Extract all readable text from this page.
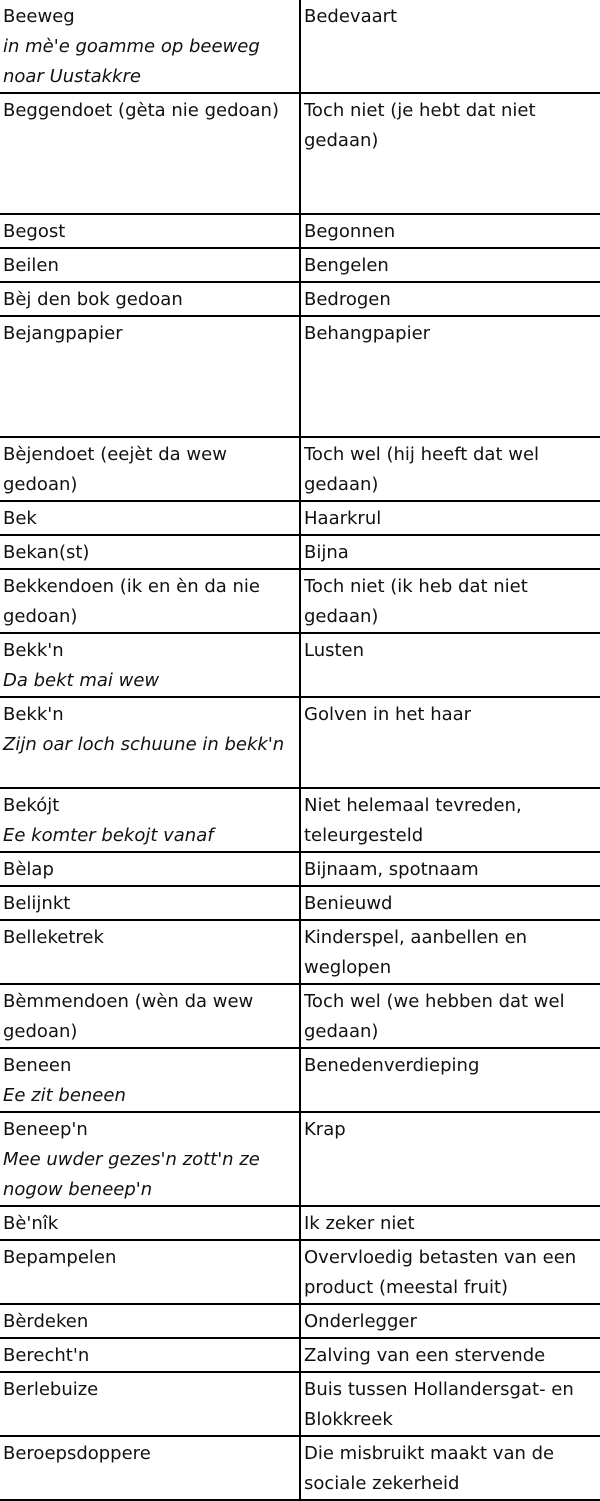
Beeweg
in mè'e goamme op beeweg
noar Uustakkre	Bedevaart

Beggendoet (gèta nie gedoan)	Toch niet (je hebt dat niet
gedaan)

Begost	Begonnen

Beilen	Bengelen

Bèj den bok gedoan	Bedrogen

Bejangpapier	Behangpapier

Bèjendoet (eejèt da wew
gedoan)	Toch wel (hij heeft dat wel
gedaan)

Bek	Haarkrul

Bekan(st)	Bijna

Bekkendoen (ik en èn da nie
gedoan)	Toch niet (ik heb dat niet
gedaan)

Bekk'n
Da bekt mai wew	Lusten

Bekk'n
Zijn oar loch schuune in bekk'n	Golven in het haar

Bekójt
Ee komter bekojt vanaf	Niet helemaal tevreden,
teleurgesteld

Bèlap	Bijnaam, spotnaam

Belijnkt	Benieuwd

Belleketrek	Kinderspel, aanbellen en
weglopen

Bèmmendoen (wèn da wew
gedoan)	Toch wel (we hebben dat wel
gedaan)

Beneen
Ee zit beneen	Benedenverdieping

Beneep'n
Mee uwder gezes'n zott'n ze
nogow beneep'n	Krap

Bè'nîk	Ik zeker niet

Bepampelen	Overvloedig betasten van een
product (meestal fruit)

Bèrdeken	Onderlegger

Berecht'n	Zalving van een stervende

Berlebuize	Buis tussen Hollandersgat- en
Blokkreek

Beroepsdoppere	Die misbruikt maakt van de
sociale zekerheid
